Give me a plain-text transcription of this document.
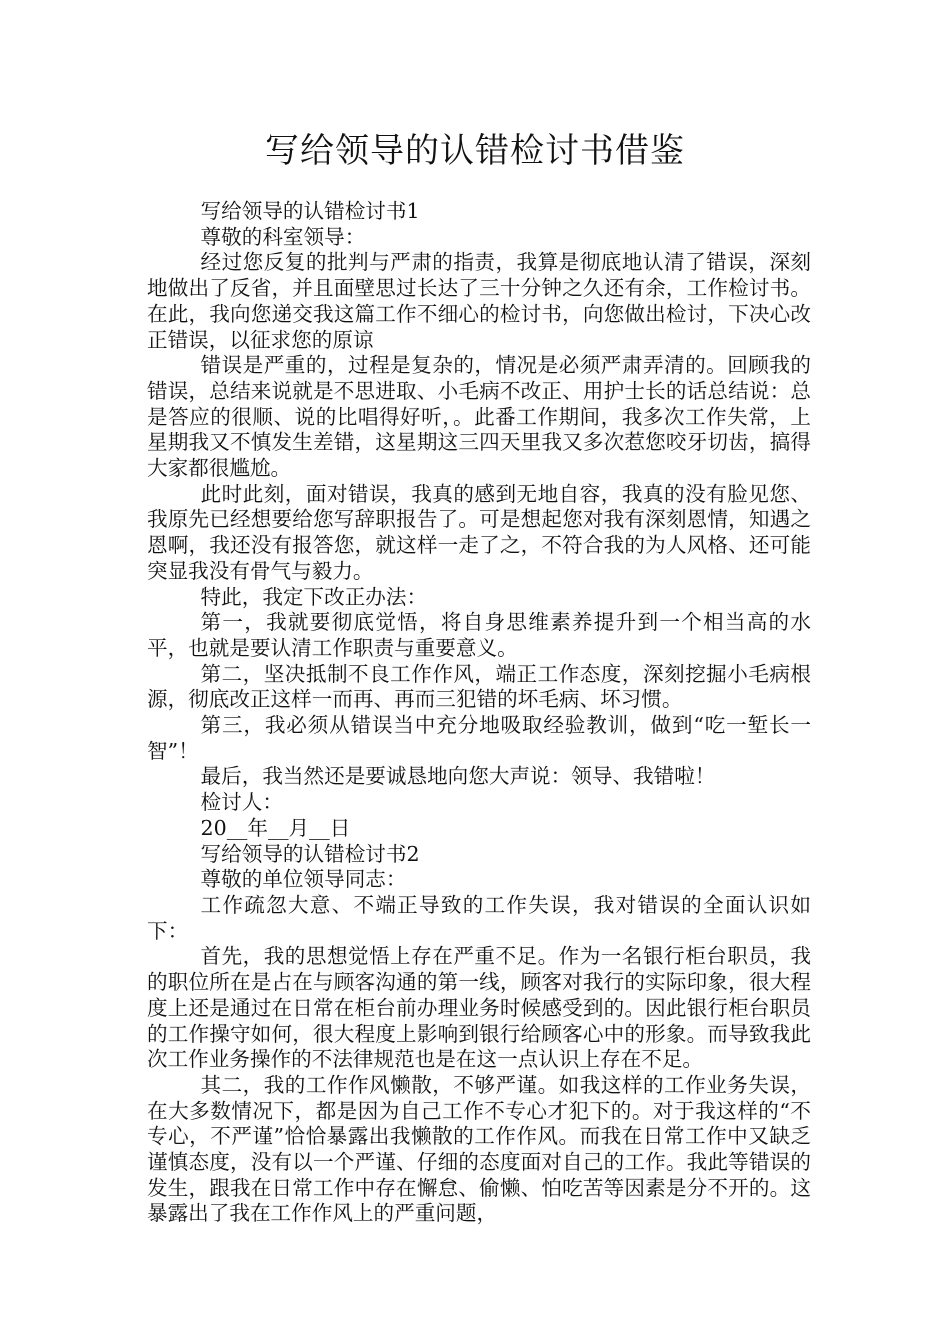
写给领导的认错检讨书借鉴

写给领导的认错检讨书1

尊敬的科室领导：

经过您反复的批判与严肃的指责，我算是彻底地认清了错误，深刻地做出了反省，并且面壁思过长达了三十分钟之久还有余，工作检讨书。在此，我向您递交我这篇工作不细心的检讨书，向您做出检讨，下决心改正错误，以征求您的原谅

错误是严重的，过程是复杂的，情况是必须严肃弄清的。回顾我的错误，总结来说就是不思进取、小毛病不改正、用护士长的话总结说：总是答应的很顺、说的比唱得好听，。此番工作期间，我多次工作失常，上星期我又不慎发生差错，这星期这三四天里我又多次惹您咬牙切齿，搞得大家都很尴尬。

此时此刻，面对错误，我真的感到无地自容，我真的没有脸见您、我原先已经想要给您写辞职报告了。可是想起您对我有深刻恩情，知遇之恩啊，我还没有报答您，就这样一走了之，不符合我的为人风格、还可能突显我没有骨气与毅力。

特此，我定下改正办法：

第一，我就要彻底觉悟，将自身思维素养提升到一个相当高的水平，也就是要认清工作职责与重要意义。

第二，坚决抵制不良工作作风，端正工作态度，深刻挖掘小毛病根源，彻底改正这样一而再、再而三犯错的坏毛病、坏习惯。

第三，我必须从错误当中充分地吸取经验教训，做到“吃一堑长一智”！

最后，我当然还是要诚恳地向您大声说：领导、我错啦！

检讨人：

20__年__月__日

写给领导的认错检讨书2

尊敬的单位领导同志：

工作疏忽大意、不端正导致的工作失误，我对错误的全面认识如下：

首先，我的思想觉悟上存在严重不足。作为一名银行柜台职员，我的职位所在是占在与顾客沟通的第一线，顾客对我行的实际印象，很大程度上还是通过在日常在柜台前办理业务时候感受到的。因此银行柜台职员的工作操守如何，很大程度上影响到银行给顾客心中的形象。而导致我此次工作业务操作的不法律规范也是在这一点认识上存在不足。

其二，我的工作作风懒散，不够严谨。如我这样的工作业务失误，在大多数情况下，都是因为自己工作不专心才犯下的。对于我这样的“不专心，不严谨”恰恰暴露出我懒散的工作作风。而我在日常工作中又缺乏谨慎态度，没有以一个严谨、仔细的态度面对自己的工作。我此等错误的发生，跟我在日常工作中存在懈怠、偷懒、怕吃苦等因素是分不开的。这暴露出了我在工作作风上的严重问题，
